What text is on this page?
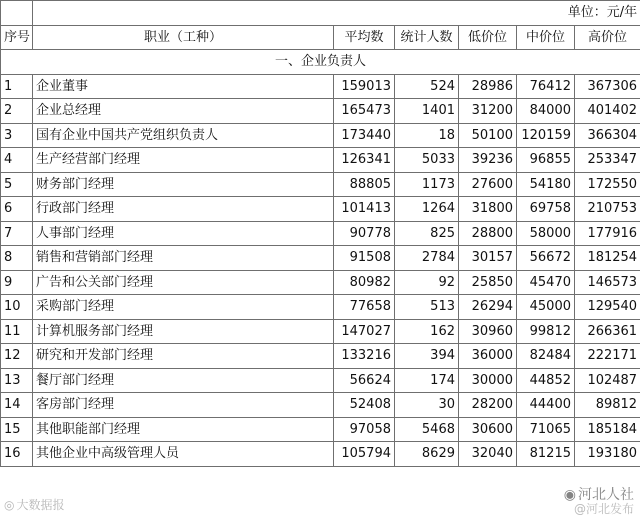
	单位：元/年					
序号	职业（工种）	平均数	统计人数	低价位	中价位	高价位
一、企业负责人						
1	企业董事	159013	524	28986	76412	367306
2	企业总经理	165473	1401	31200	84000	401402
3	国有企业中国共产党组织负责人	173440	18	50100	120159	366304
4	生产经营部门经理	126341	5033	39236	96855	253347
5	财务部门经理	88805	1173	27600	54180	172550
6	行政部门经理	101413	1264	31800	69758	210753
7	人事部门经理	90778	825	28800	58000	177916
8	销售和营销部门经理	91508	2784	30157	56672	181254
9	广告和公关部门经理	80982	92	25850	45470	146573
10	采购部门经理	77658	513	26294	45000	129540
11	计算机服务部门经理	147027	162	30960	99812	266361
12	研究和开发部门经理	133216	394	36000	82484	222171
13	餐厅部门经理	56624	174	30000	44852	102487
14	客房部门经理	52408	30	28200	44400	89812
15	其他职能部门经理	97058	5468	30600	71065	185184
16	其他企业中高级管理人员	105794	8629	32040	81215	193180
◎ 大数据报
◉ 河北人社
@河北发布
